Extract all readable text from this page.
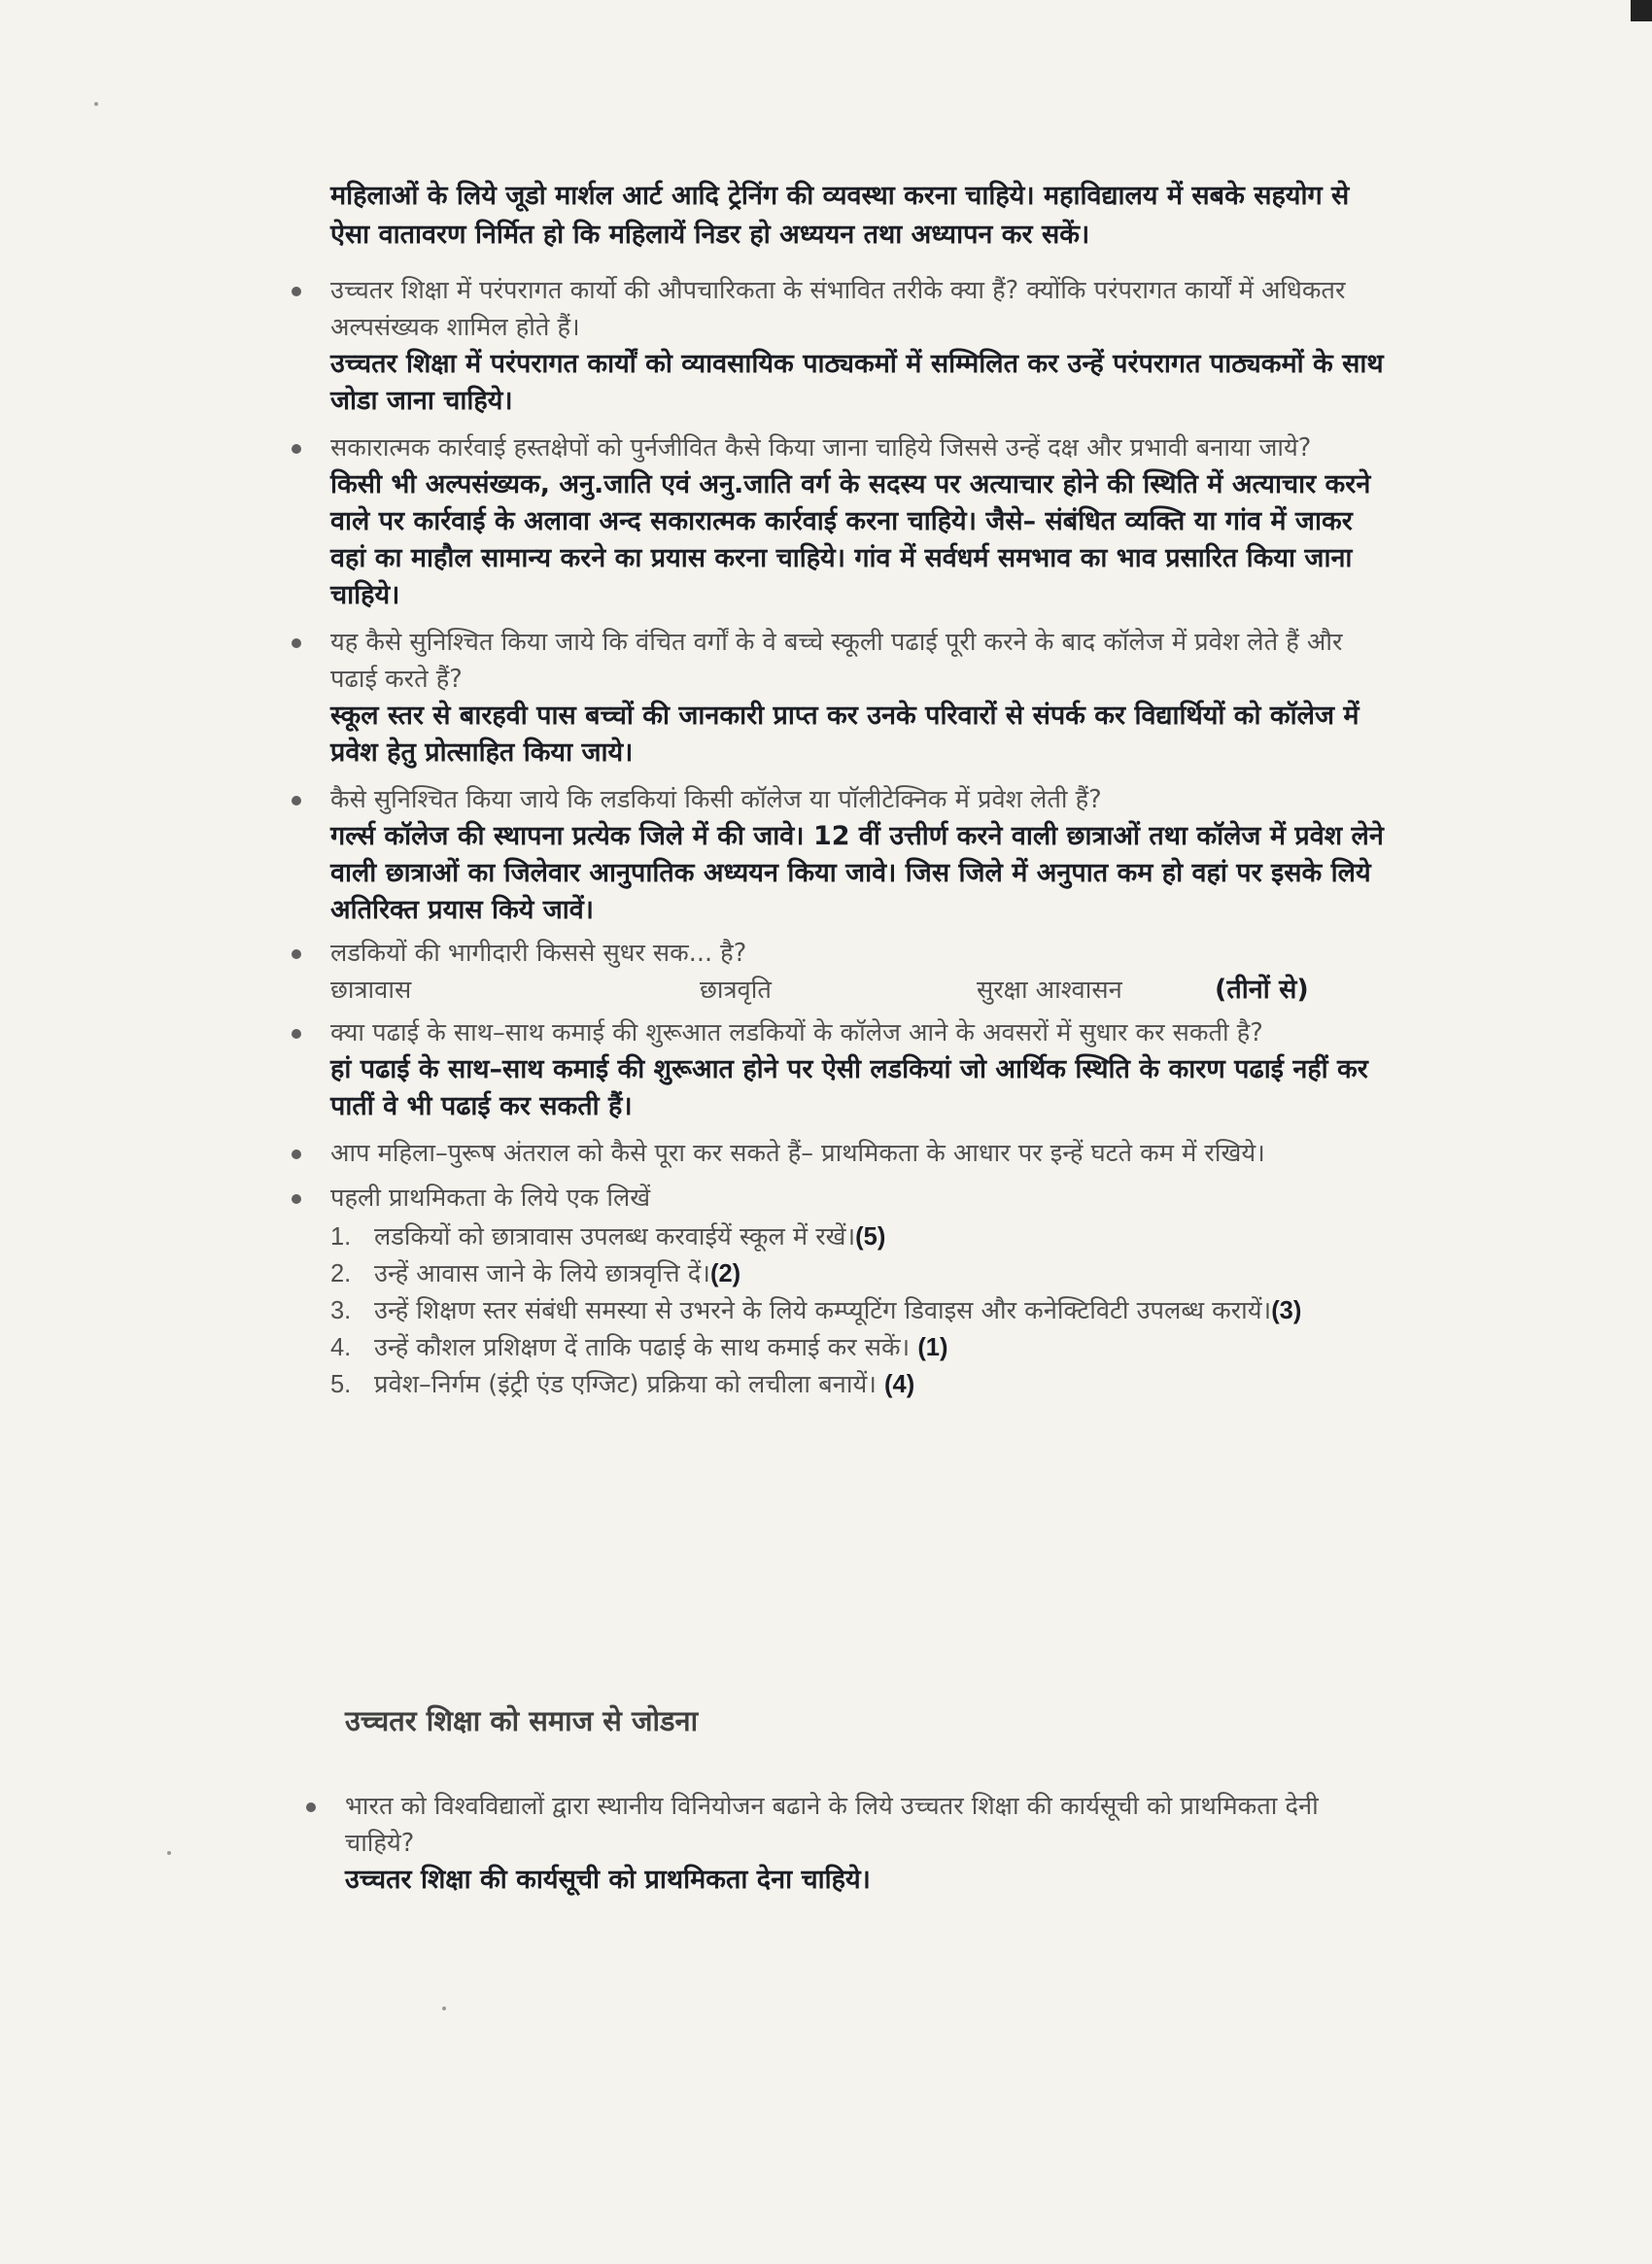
महिलाओं के लिये जूडो मार्शल आर्ट आदि ट्रेनिंग की व्यवस्था करना चाहिये। महाविद्यालय में सबके सहयोग से ऐसा वातावरण निर्मित हो कि महिलायें निडर हो अध्ययन तथा अध्यापन कर सकें।

उच्चतर शिक्षा में परंपरागत कार्यो की औपचारिकता के संभावित तरीके क्या हैं? क्योंकि परंपरागत कार्यों में अधिकतर अल्पसंख्यक शामिल होते हैं।

उच्चतर शिक्षा में परंपरागत कार्यों को व्यावसायिक पाठ्यकमों में सम्मिलित कर उन्हें परंपरागत पाठ्यकमों के साथ जोडा जाना चाहिये।

सकारात्मक कार्रवाई हस्तक्षेपों को पुर्नजीवित कैसे किया जाना चाहिये जिससे उन्हें दक्ष और प्रभावी बनाया जाये?

किसी भी अल्पसंख्यक, अनु.जाति एवं अनु.जाति वर्ग के सदस्य पर अत्याचार होने की स्थिति में अत्याचार करने वाले पर कार्रवाई के अलावा अन्द सकारात्मक कार्रवाई करना चाहिये। जैसे– संबंधित व्यक्ति या गांव में जाकर वहां का माहौल सामान्य करने का प्रयास करना चाहिये। गांव में सर्वधर्म समभाव का भाव प्रसारित किया जाना चाहिये।

यह कैसे सुनिश्चित किया जाये कि वंचित वर्गों के वे बच्चे स्कूली पढाई पूरी करने के बाद कॉलेज में प्रवेश लेते हैं और पढाई करते हैं?

स्कूल स्तर से बारहवी पास बच्चों की जानकारी प्राप्त कर उनके परिवारों से संपर्क कर विद्यार्थियों को कॉलेज में प्रवेश हेतु प्रोत्साहित किया जाये।

कैसे सुनिश्चित किया जाये कि लडकियां किसी कॉलेज या पॉलीटेक्निक में प्रवेश लेती हैं?

गर्ल्स कॉलेज की स्थापना प्रत्येक जिले में की जावे। 12 वीं उत्तीर्ण करने वाली छात्राओं तथा कॉलेज में प्रवेश लेने वाली छात्राओं का जिलेवार आनुपातिक अध्ययन किया जावे। जिस जिले में अनुपात कम हो वहां पर इसके लिये अतिरिक्त प्रयास किये जावें।

लडकियों की भागीदारी किससे सुधर सक... है?

छात्रावास	छात्रवृति	सुरक्षा आश्वासन	(तीनों से)

क्या पढाई के साथ–साथ कमाई की शुरूआत लडकियों के कॉलेज आने के अवसरों में सुधार कर सकती है?

हां पढाई के साथ–साथ कमाई की शुरूआत होने पर ऐसी लडकियां जो आर्थिक स्थिति के कारण पढाई नहीं कर पातीं वे भी पढाई कर सकती हैं।

आप महिला–पुरूष अंतराल को कैसे पूरा कर सकते हैं– प्राथमिकता के आधार पर इन्हें घटते कम में रखिये।

पहली प्राथमिकता के लिये एक लिखें

1. लडकियों को छात्रावास उपलब्ध करवाईयें स्कूल में रखें।(5)
2. उन्हें आवास जाने के लिये छात्रवृत्ति दें।(2)
3. उन्हें शिक्षण स्तर संबंधी समस्या से उभरने के लिये कम्प्यूटिंग डिवाइस और कनेक्टिविटी उपलब्ध करायें।(3)
4. उन्हें कौशल प्रशिक्षण दें ताकि पढाई के साथ कमाई कर सकें। (1)
5. प्रवेश–निर्गम (इंट्री एंड एग्जिट) प्रक्रिया को लचीला बनायें। (4)
उच्चतर शिक्षा को समाज से जोडना

भारत को विश्वविद्यालों द्वारा स्थानीय विनियोजन बढाने के लिये उच्चतर शिक्षा की कार्यसूची को प्राथमिकता देनी चाहिये?

उच्चतर शिक्षा की कार्यसूची को प्राथमिकता देना चाहिये।
